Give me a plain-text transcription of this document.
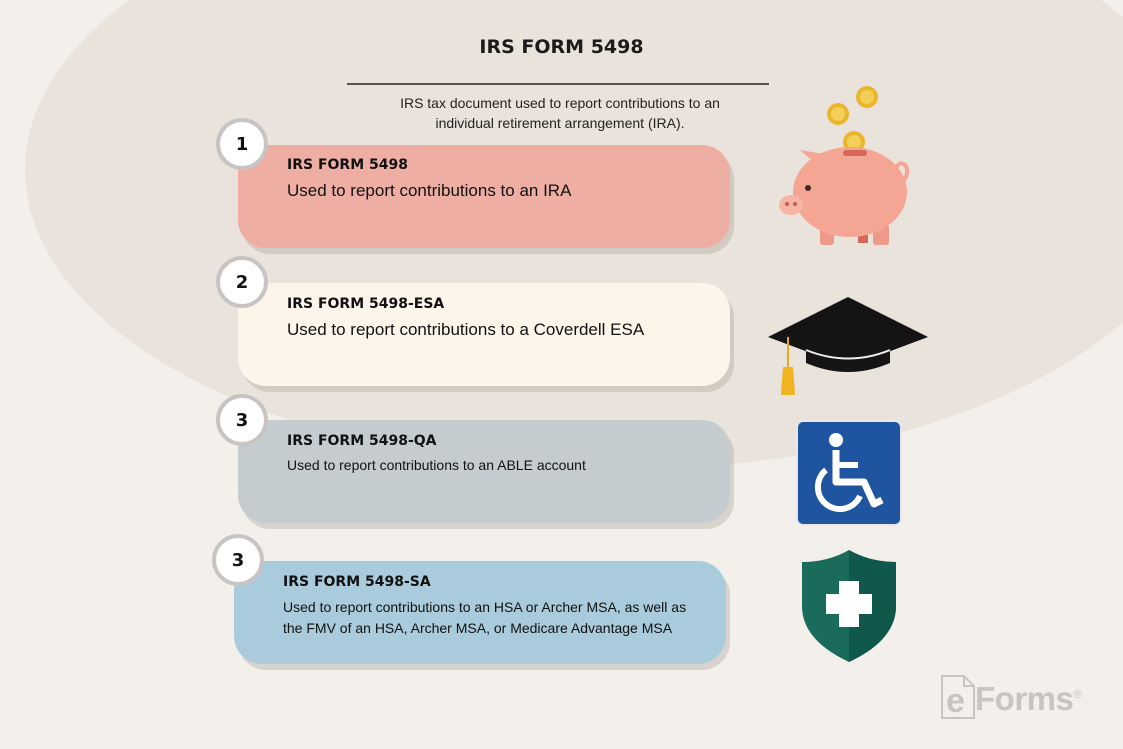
IRS FORM 5498
IRS tax document used to report contributions to an individual retirement arrangement (IRA).
1
IRS FORM 5498
Used to report contributions to an IRA
2
IRS FORM 5498-ESA
Used to report contributions to a Coverdell ESA
3
IRS FORM 5498-QA
Used to report contributions to an ABLE account
3
IRS FORM 5498-SA
Used to report contributions to an HSA or Archer MSA, as well as the FMV of an HSA, Archer MSA, or Medicare Advantage MSA
e Forms®
